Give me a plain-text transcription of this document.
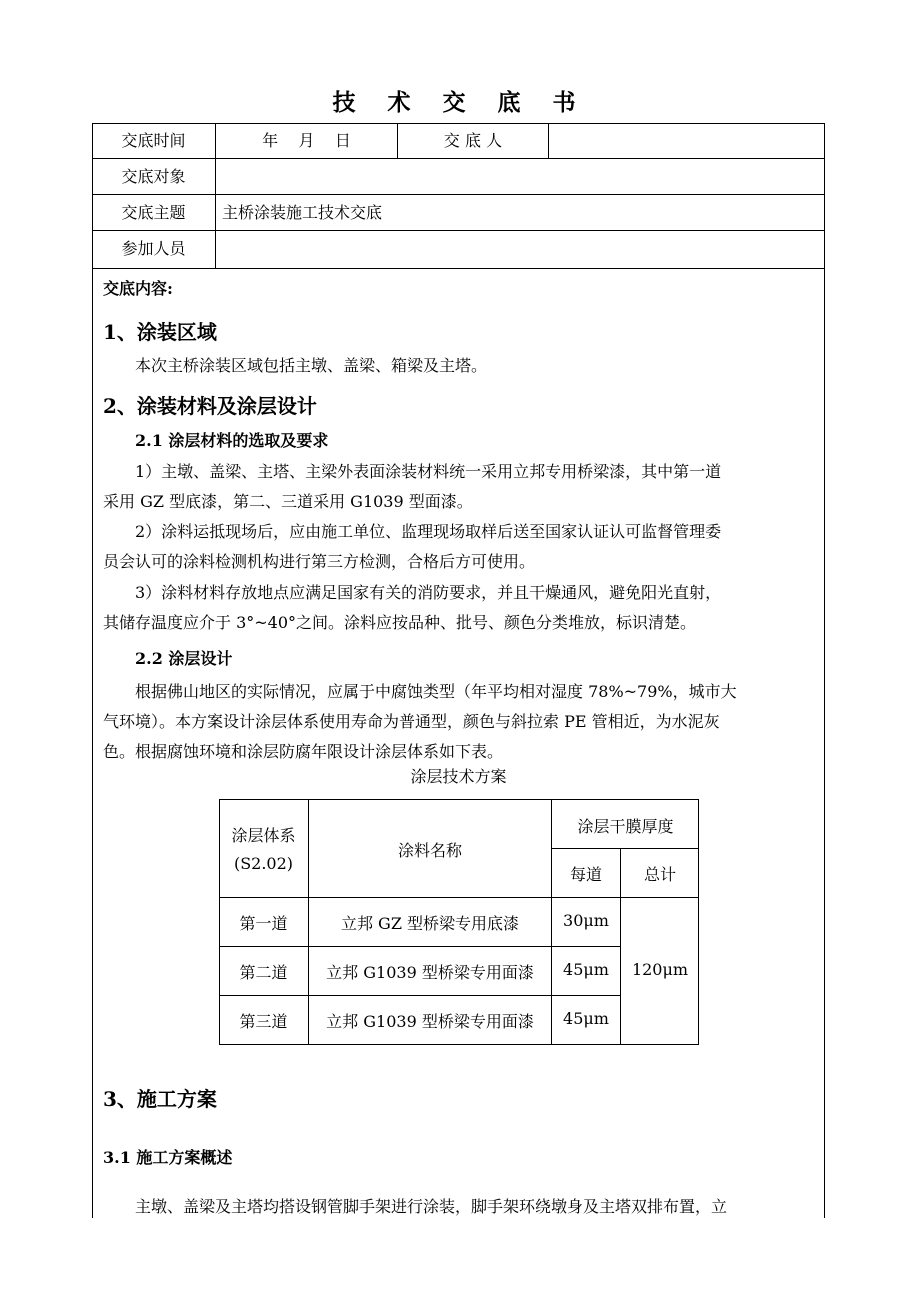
技 术 交 底 书
交底时间	年    月    日	交 底 人
交底对象
交底主题	主桥涂装施工技术交底
参加人员
交底内容:
1、涂装区域
本次主桥涂装区域包括主墩、盖梁、箱梁及主塔。
2、涂装材料及涂层设计
2.1 涂层材料的选取及要求
1）主墩、盖梁、主塔、主梁外表面涂装材料统一采用立邦专用桥梁漆，其中第一道
采用 GZ 型底漆，第二、三道采用 G1039 型面漆。
2）涂料运抵现场后，应由施工单位、监理现场取样后送至国家认证认可监督管理委
员会认可的涂料检测机构进行第三方检测，合格后方可使用。
3）涂料材料存放地点应满足国家有关的消防要求，并且干燥通风，避免阳光直射，
其储存温度应介于 3°~40°之间。涂料应按品种、批号、颜色分类堆放，标识清楚。
2.2 涂层设计
根据佛山地区的实际情况，应属于中腐蚀类型（年平均相对湿度 78%~79%，城市大
气环境）。本方案设计涂层体系使用寿命为普通型，颜色与斜拉索 PE 管相近，为水泥灰
色。根据腐蚀环境和涂层防腐年限设计涂层体系如下表。
涂层技术方案
涂层体系
(S2.02)
涂料名称
涂层干膜厚度
每道	总计
第一道	立邦 GZ 型桥梁专用底漆	30μm
第二道	立邦 G1039 型桥梁专用面漆	45μm
第三道	立邦 G1039 型桥梁专用面漆	45μm
120μm
3、施工方案
3.1 施工方案概述
主墩、盖梁及主塔均搭设钢管脚手架进行涂装，脚手架环绕墩身及主塔双排布置，立
